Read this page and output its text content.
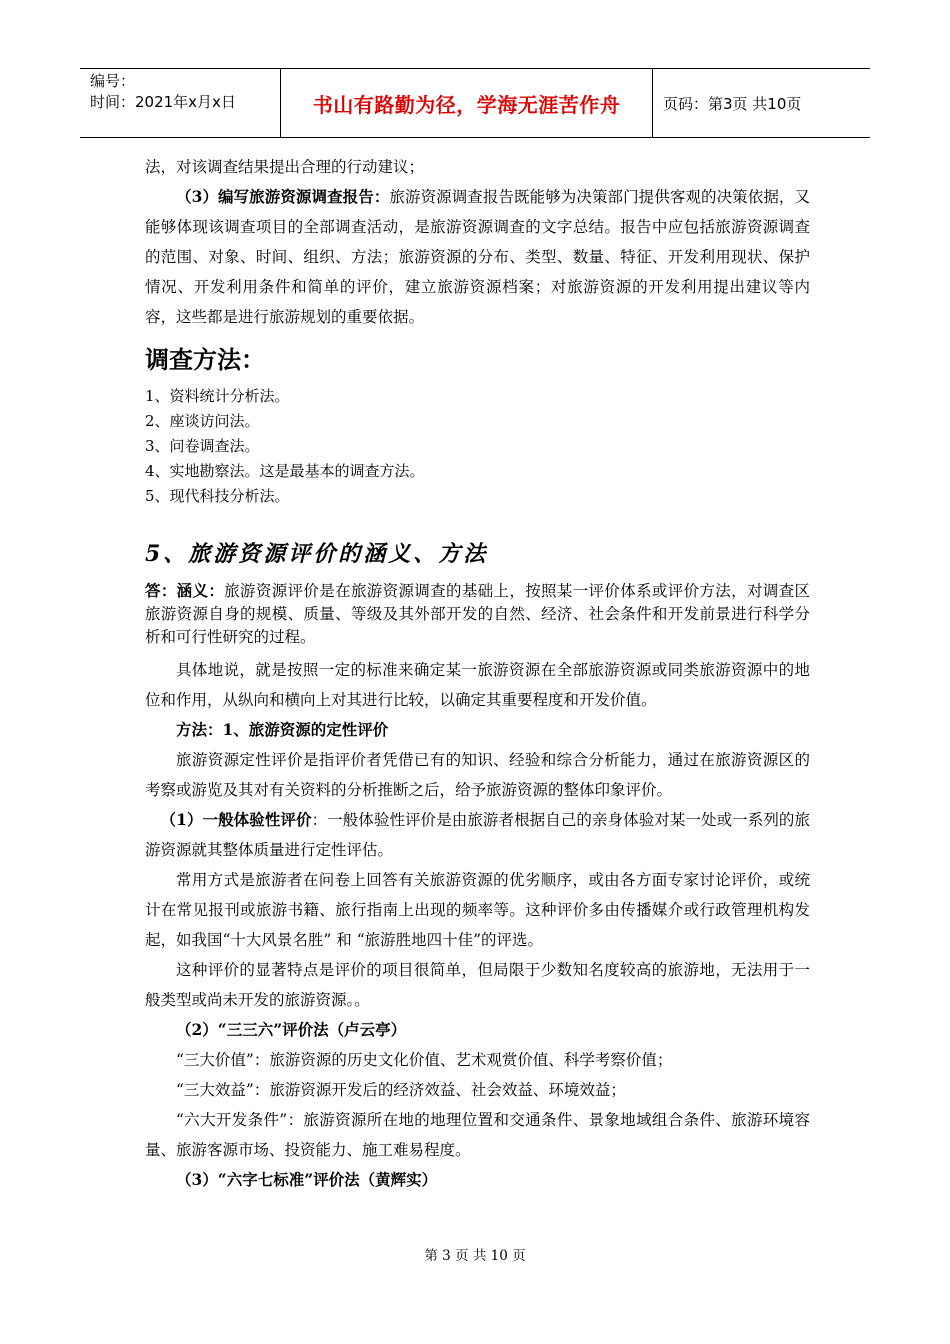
编号：
时间：2021年x月x日	书山有路勤为径，学海无涯苦作舟	页码：第3页 共10页

法，对该调查结果提出合理的行动建议；

（3）编写旅游资源调查报告：旅游资源调查报告既能够为决策部门提供客观的决策依据，又能够体现该调查项目的全部调查活动，是旅游资源调查的文字总结。报告中应包括旅游资源调查的范围、对象、时间、组织、方法；旅游资源的分布、类型、数量、特征、开发利用现状、保护情况、开发利用条件和简单的评价，建立旅游资源档案；对旅游资源的开发利用提出建议等内容，这些都是进行旅游规划的重要依据。

调查方法：

1、资料统计分析法。

2、座谈访问法。

3、问卷调查法。

4、实地勘察法。这是最基本的调查方法。

5、现代科技分析法。

5、旅游资源评价的涵义、方法

答：涵义：旅游资源评价是在旅游资源调查的基础上，按照某一评价体系或评价方法，对调查区旅游资源自身的规模、质量、等级及其外部开发的自然、经济、社会条件和开发前景进行科学分析和可行性研究的过程。

具体地说，就是按照一定的标准来确定某一旅游资源在全部旅游资源或同类旅游资源中的地位和作用，从纵向和横向上对其进行比较，以确定其重要程度和开发价值。

方法：1、旅游资源的定性评价

旅游资源定性评价是指评价者凭借已有的知识、经验和综合分析能力，通过在旅游资源区的考察或游览及其对有关资料的分析推断之后，给予旅游资源的整体印象评价。

（1）一般体验性评价：一般体验性评价是由旅游者根据自己的亲身体验对某一处或一系列的旅游资源就其整体质量进行定性评估。

常用方式是旅游者在问卷上回答有关旅游资源的优劣顺序，或由各方面专家讨论评价，或统计在常见报刊或旅游书籍、旅行指南上出现的频率等。这种评价多由传播媒介或行政管理机构发起，如我国“十大风景名胜” 和 “旅游胜地四十佳”的评选。

这种评价的显著特点是评价的项目很简单，但局限于少数知名度较高的旅游地，无法用于一般类型或尚未开发的旅游资源。。

（2）“三三六”评价法（卢云亭）

“三大价值”：旅游资源的历史文化价值、艺术观赏价值、科学考察价值；

“三大效益”：旅游资源开发后的经济效益、社会效益、环境效益；

“六大开发条件”：旅游资源所在地的地理位置和交通条件、景象地域组合条件、旅游环境容量、旅游客源市场、投资能力、施工难易程度。

（3）“六字七标准”评价法（黄辉实）

第 3 页 共 10 页
